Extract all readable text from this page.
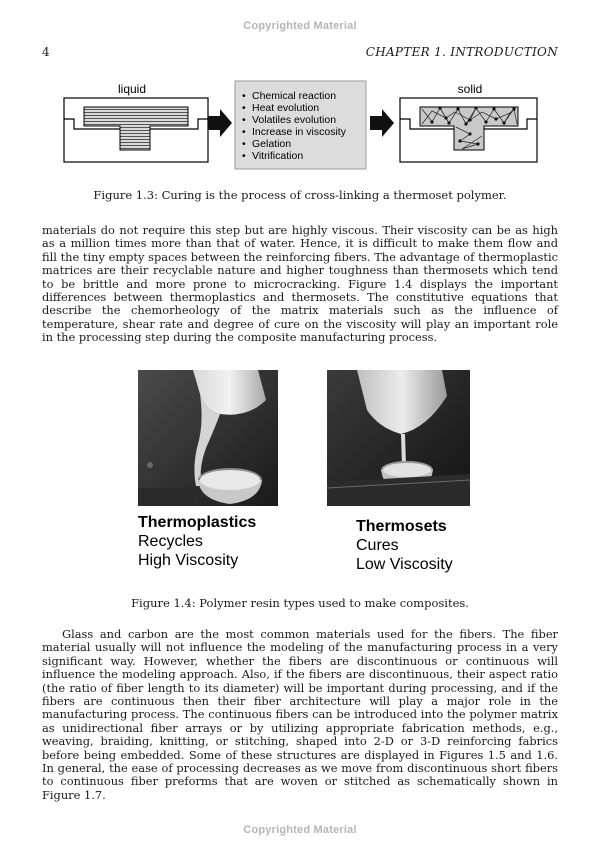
Copyrighted Material
4	CHAPTER 1. INTRODUCTION
liquid	• Chemical reaction
• Heat evolution
• Volatiles evolution
• Increase in viscosity
• Gelation
• Vitrification
solid
Figure 1.3: Curing is the process of cross-linking a thermoset polymer.

materials do not require this step but are highly viscous. Their viscosity can be as high as a million times more than that of water. Hence, it is difficult to make them flow and fill the tiny empty spaces between the reinforcing fibers. The advantage of thermoplastic matrices are their recyclable nature and higher toughness than thermosets which tend to be brittle and more prone to microcracking. Figure 1.4 displays the important differences between thermoplastics and thermosets. The constitutive equations that describe the chemorheology of the matrix materials such as the influence of temperature, shear rate and degree of cure on the viscosity will play an important role in the processing step during the composite manufacturing process.

Thermoplastics
Recycles
High Viscosity
Thermosets
Cures
Low Viscosity
Figure 1.4: Polymer resin types used to make composites.

Glass and carbon are the most common materials used for the fibers. The fiber material usually will not influence the modeling of the manufacturing process in a very significant way. However, whether the fibers are discontinuous or continuous will influence the modeling approach. Also, if the fibers are discontinuous, their aspect ratio (the ratio of fiber length to its diameter) will be important during processing, and if the fibers are continuous then their fiber architecture will play a major role in the manufacturing process. The continuous fibers can be introduced into the polymer matrix as unidirectional fiber arrays or by utilizing appropriate fabrication methods, e.g., weaving, braiding, knitting, or stitching, shaped into 2-D or 3-D reinforcing fabrics before being embedded. Some of these structures are displayed in Figures 1.5 and 1.6. In general, the ease of processing decreases as we move from discontinuous short fibers to continuous fiber preforms that are woven or stitched as schematically shown in Figure 1.7.

Copyrighted Material
